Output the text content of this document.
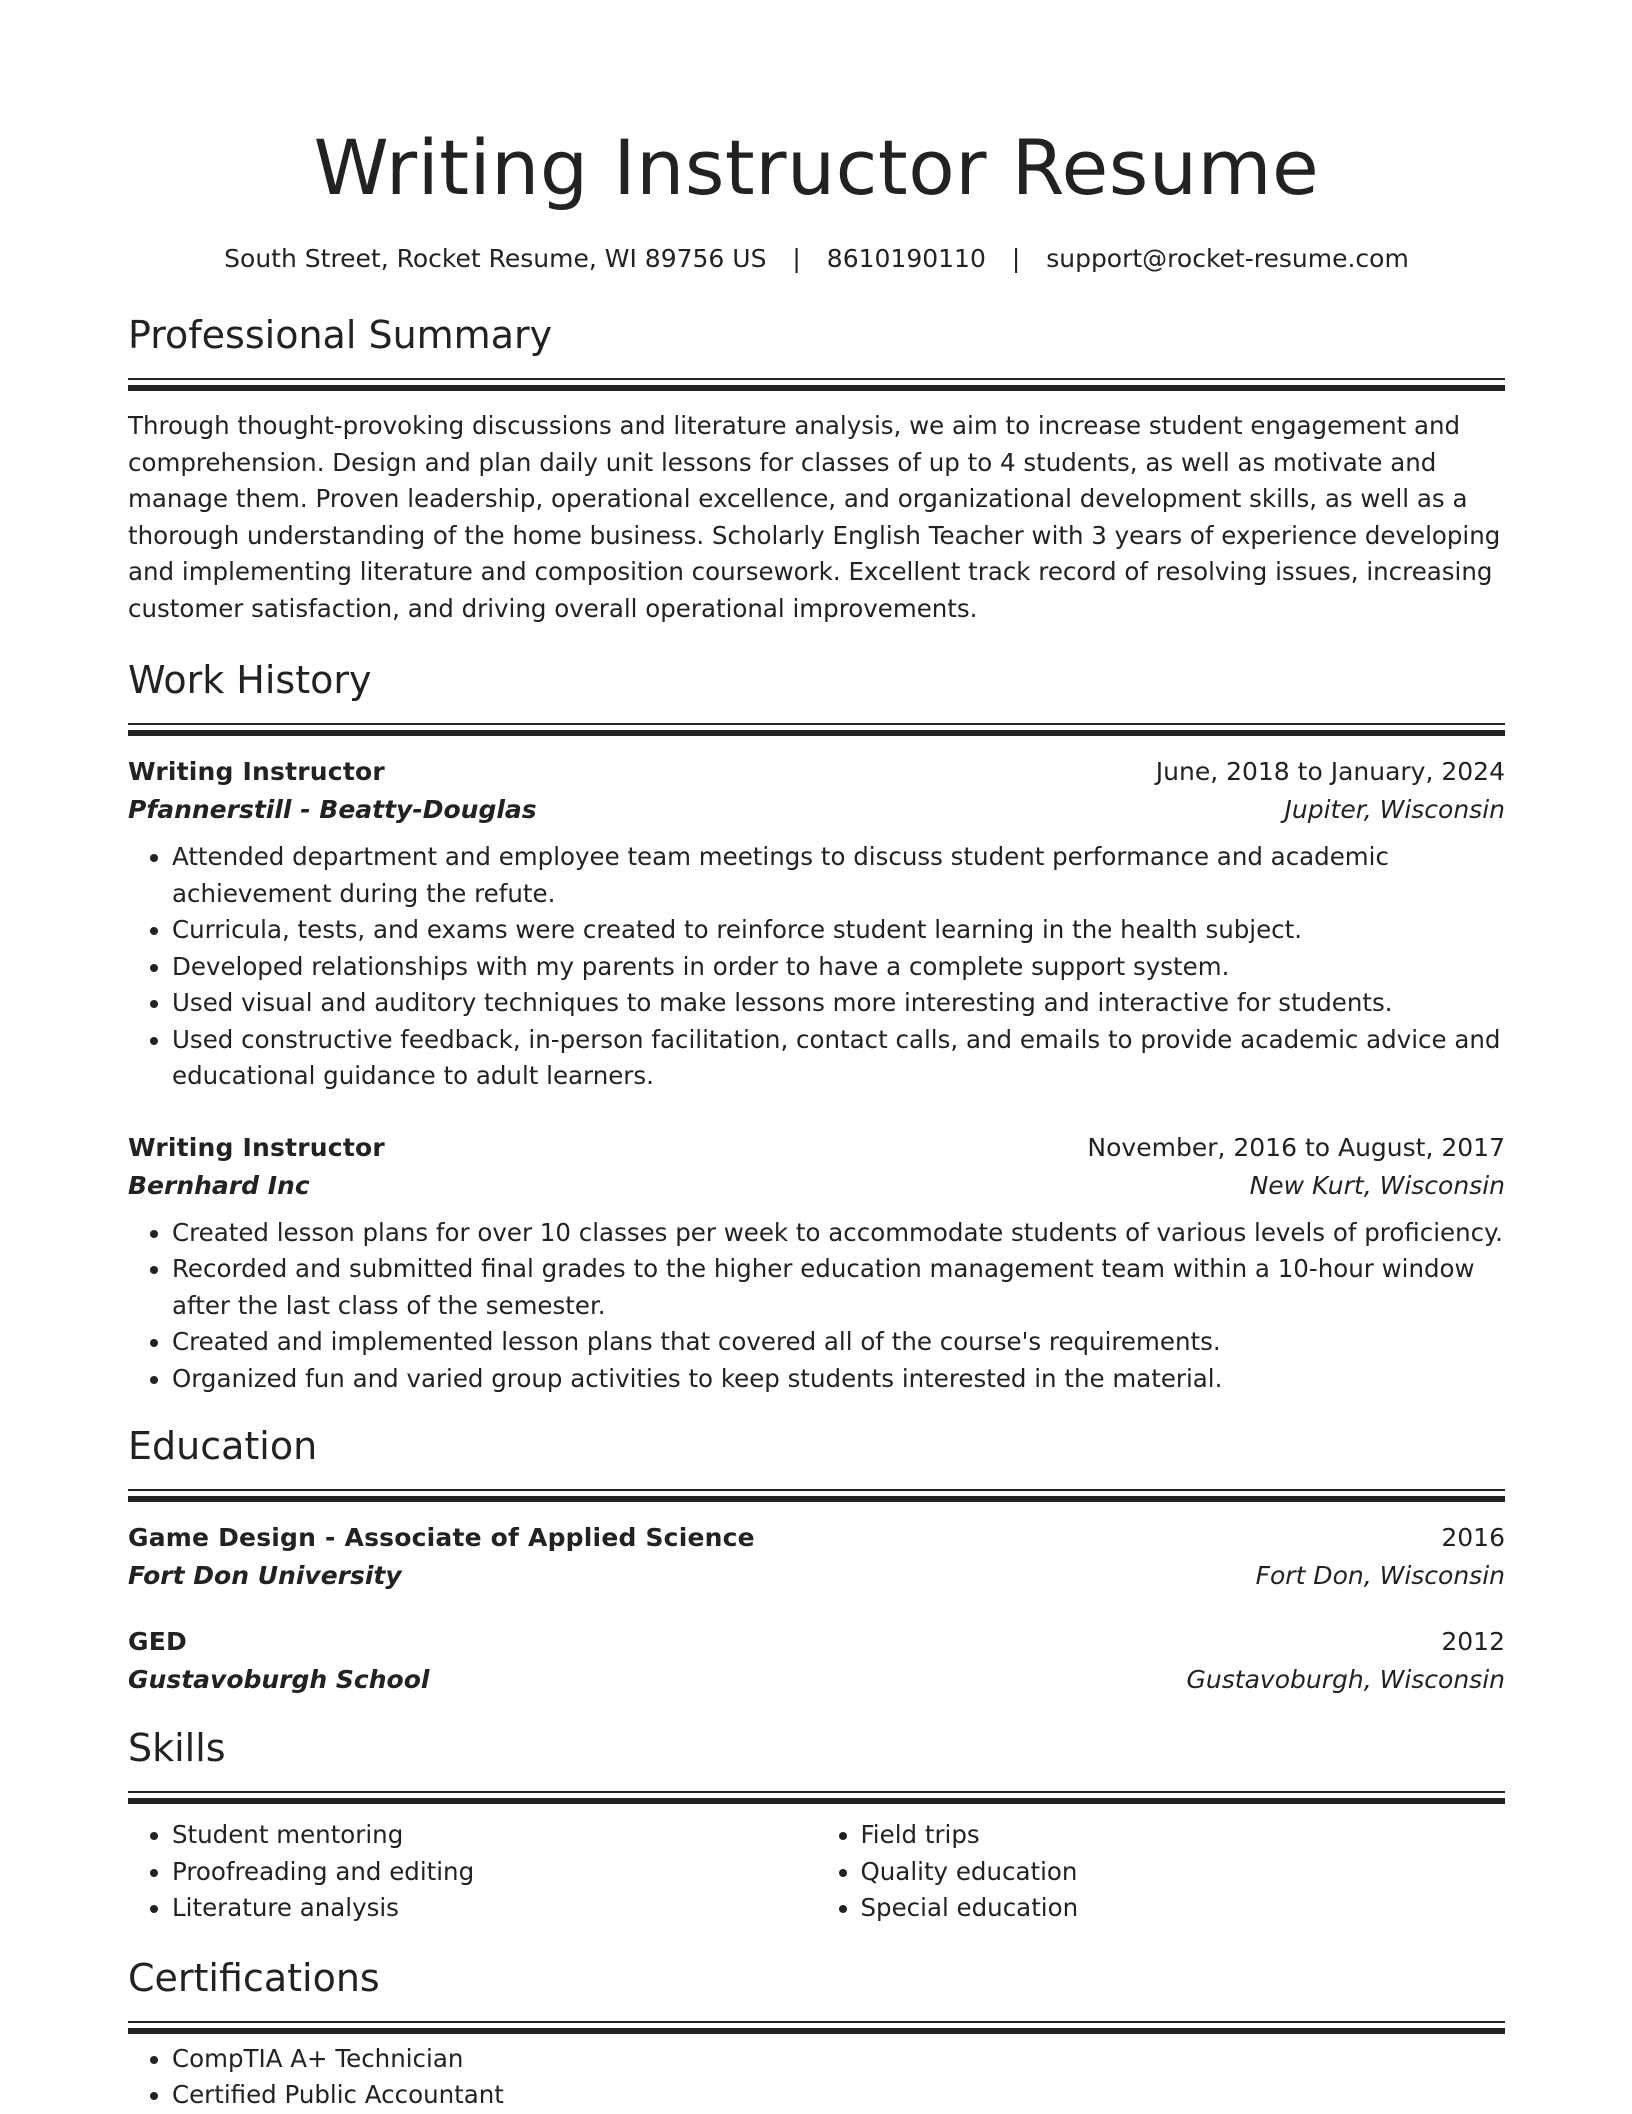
Writing Instructor Resume
South Street, Rocket Resume, WI 89756 US | 8610190110 | support@rocket-resume.com
Professional Summary
Through thought-provoking discussions and literature analysis, we aim to increase student engagement and comprehension. Design and plan daily unit lessons for classes of up to 4 students, as well as motivate and manage them. Proven leadership, operational excellence, and organizational development skills, as well as a thorough understanding of the home business. Scholarly English Teacher with 3 years of experience developing and implementing literature and composition coursework. Excellent track record of resolving issues, increasing customer satisfaction, and driving overall operational improvements.
Work History
Writing Instructor	June, 2018 to January, 2024
Pfannerstill - Beatty-Douglas	Jupiter, Wisconsin
• Attended department and employee team meetings to discuss student performance and academic achievement during the refute.
• Curricula, tests, and exams were created to reinforce student learning in the health subject.
• Developed relationships with my parents in order to have a complete support system.
• Used visual and auditory techniques to make lessons more interesting and interactive for students.
• Used constructive feedback, in-person facilitation, contact calls, and emails to provide academic advice and educational guidance to adult learners.
Writing Instructor	November, 2016 to August, 2017
Bernhard Inc	New Kurt, Wisconsin
• Created lesson plans for over 10 classes per week to accommodate students of various levels of proficiency.
• Recorded and submitted final grades to the higher education management team within a 10-hour window after the last class of the semester.
• Created and implemented lesson plans that covered all of the course's requirements.
• Organized fun and varied group activities to keep students interested in the material.
Education
Game Design - Associate of Applied Science	2016
Fort Don University	Fort Don, Wisconsin
GED	2012
Gustavoburgh School	Gustavoburgh, Wisconsin
Skills
• Student mentoring
• Proofreading and editing
• Literature analysis
• Field trips
• Quality education
• Special education
Certifications
• CompTIA A+ Technician
• Certified Public Accountant
